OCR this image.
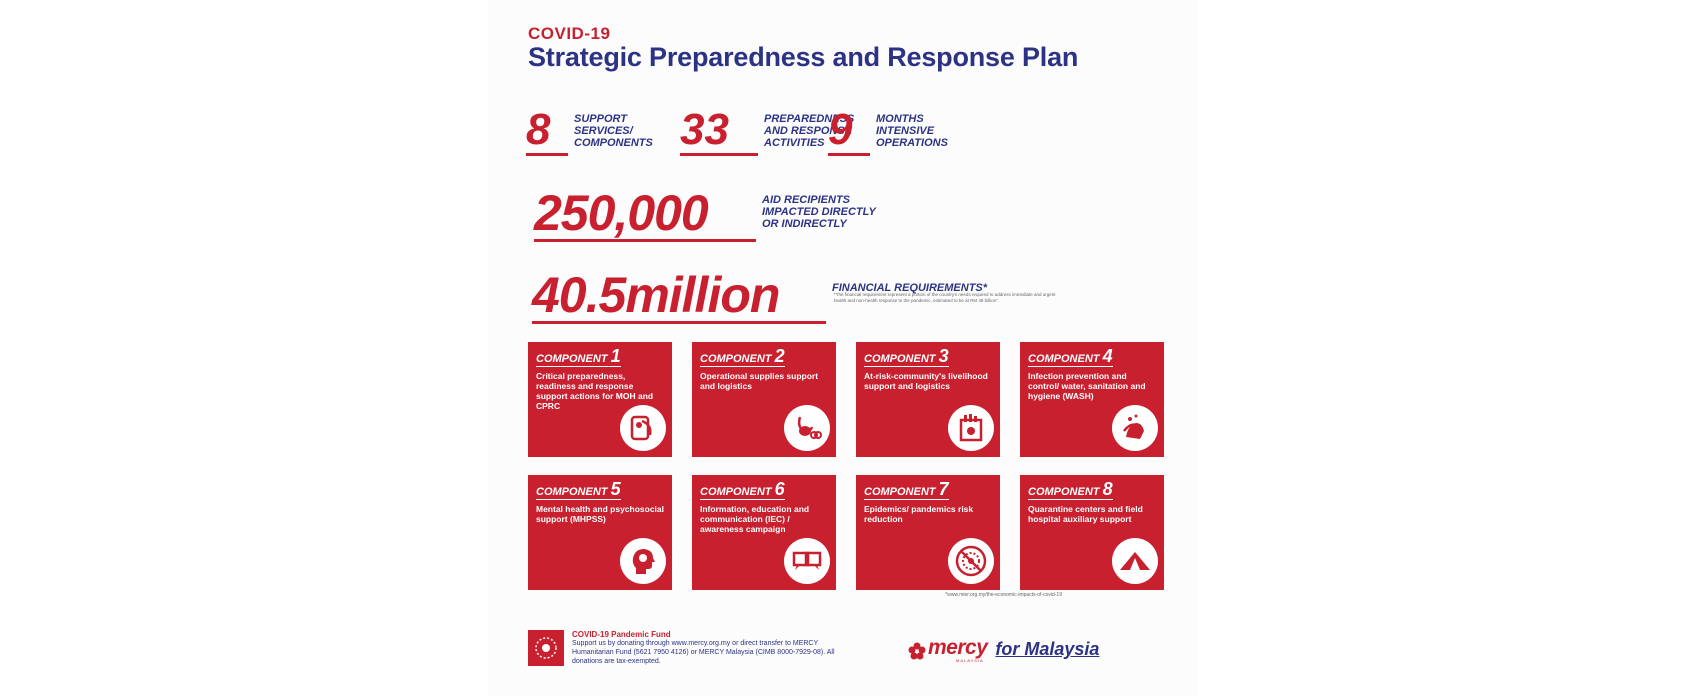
COVID-19
Strategic Preparedness and Response Plan
8	SUPPORT
SERVICES/
COMPONENTS 33	PREPAREDNESS
AND RESPONSE
ACTIVITIES 9	MONTHS
INTENSIVE
OPERATIONS
250,000	AID RECIPIENTS
IMPACTED DIRECTLY
OR INDIRECTLY
40.5million	FINANCIAL REQUIREMENTS*
*The financial requirement represent a portion of the country's needs required to address immediate and urgent health and non-health response to the pandemic, estimated to be at RM 48 billion".
COMPONENT 1
Critical preparedness, readiness and response support actions for MOH and CPRC
COMPONENT 2
Operational supplies support and logistics
COMPONENT 3
At-risk-community's livelihood support and logistics
COMPONENT 4
Infection prevention and control/ water, sanitation and hygiene (WASH)
COMPONENT 5
Mental health and psychosocial support (MHPSS)
COMPONENT 6
Information, education and communication (IEC) / awareness campaign
COMPONENT 7
Epidemics/ pandemics risk reduction
COMPONENT 8
Quarantine centers and field hospital auxiliary support
*www.mier.org.my/the-economic-impacts-of-covid-19
COVID-19 Pandemic Fund
Support us by donating through www.mercy.org.my or direct transfer to MERCY Humanitarian Fund (5621 7950 4126) or MERCY Malaysia (CIMB 8000-7929-08). All donations are tax-exempted.
mercy
MALAYSIA
for Malaysia
